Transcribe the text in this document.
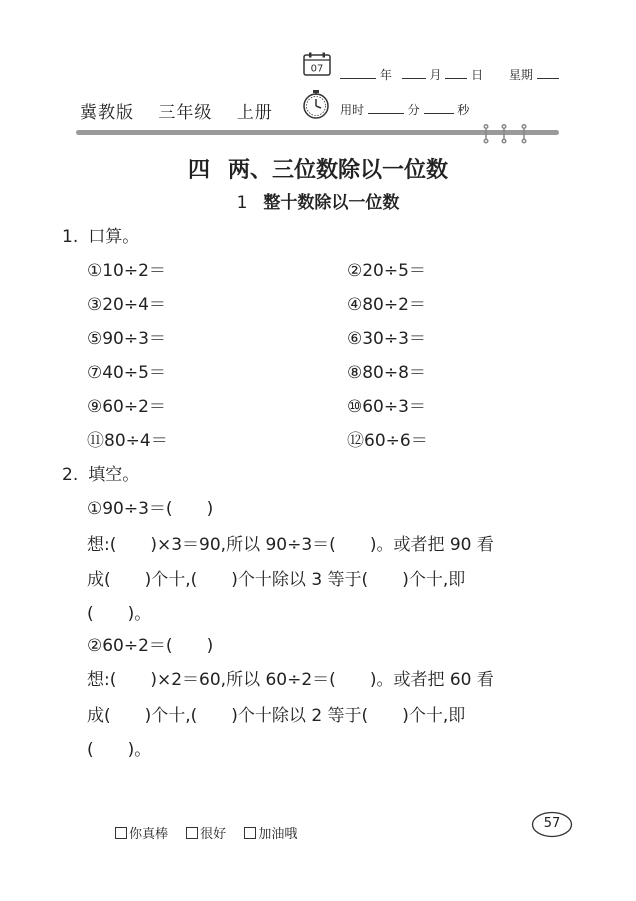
07	年	月 日 星期
冀教版 三年级 上册	用时	分	秒
四 两、三位数除以一位数
1 整十数除以一位数
1. 口算。
①10÷2＝	②20÷5＝
③20÷4＝	④80÷2＝
⑤90÷3＝	⑥30÷3＝
⑦40÷5＝	⑧80÷8＝
⑨60÷2＝	⑩60÷3＝
⑪80÷4＝	⑫60÷6＝
2. 填空。
①90÷3＝(　　)
想:(　　)×3＝90,所以 90÷3＝(　　)。或者把 90 看
成(　　)个十,(　　)个十除以 3 等于(　　)个十,即
(　　)。
②60÷2＝(　　)
想:(　　)×2＝60,所以 60÷2＝(　　)。或者把 60 看
成(　　)个十,(　　)个十除以 2 等于(　　)个十,即
(　　)。
你真棒 很好 加油哦
57
